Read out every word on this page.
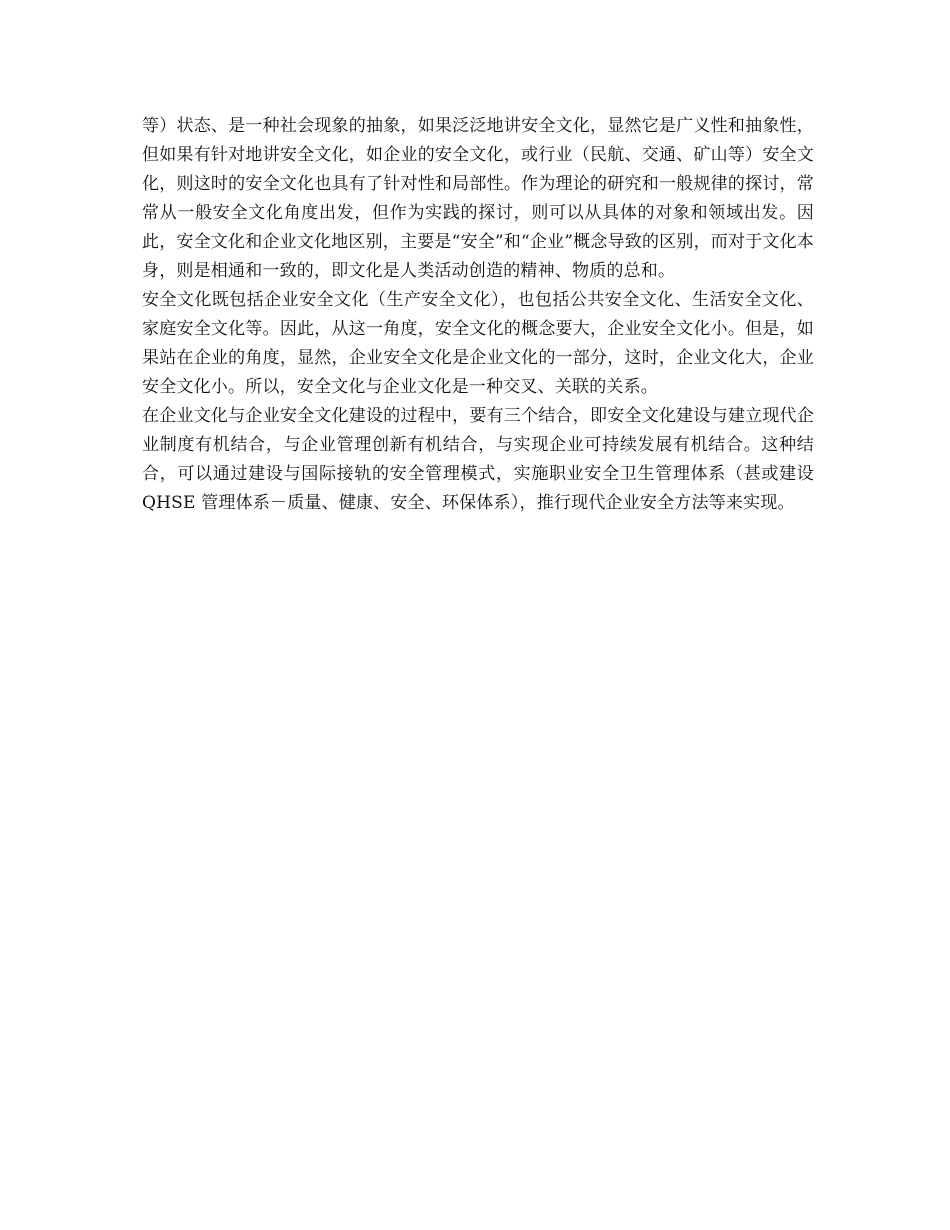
等）状态、是一种社会现象的抽象，如果泛泛地讲安全文化，显然它是广义性和抽象性，但如果有针对地讲安全文化，如企业的安全文化，或行业（民航、交通、矿山等）安全文化，则这时的安全文化也具有了针对性和局部性。作为理论的研究和一般规律的探讨，常常从一般安全文化角度出发，但作为实践的探讨，则可以从具体的对象和领域出发。因此，安全文化和企业文化地区别，主要是“安全”和“企业”概念导致的区别，而对于文化本身，则是相通和一致的，即文化是人类活动创造的精神、物质的总和。

安全文化既包括企业安全文化（生产安全文化），也包括公共安全文化、生活安全文化、家庭安全文化等。因此，从这一角度，安全文化的概念要大，企业安全文化小。但是，如果站在企业的角度，显然，企业安全文化是企业文化的一部分，这时，企业文化大，企业安全文化小。所以，安全文化与企业文化是一种交叉、关联的关系。

在企业文化与企业安全文化建设的过程中，要有三个结合，即安全文化建设与建立现代企业制度有机结合，与企业管理创新有机结合，与实现企业可持续发展有机结合。这种结合，可以通过建设与国际接轨的安全管理模式，实施职业安全卫生管理体系（甚或建设 QHSE 管理体系－质量、健康、安全、环保体系），推行现代企业安全方法等来实现。
